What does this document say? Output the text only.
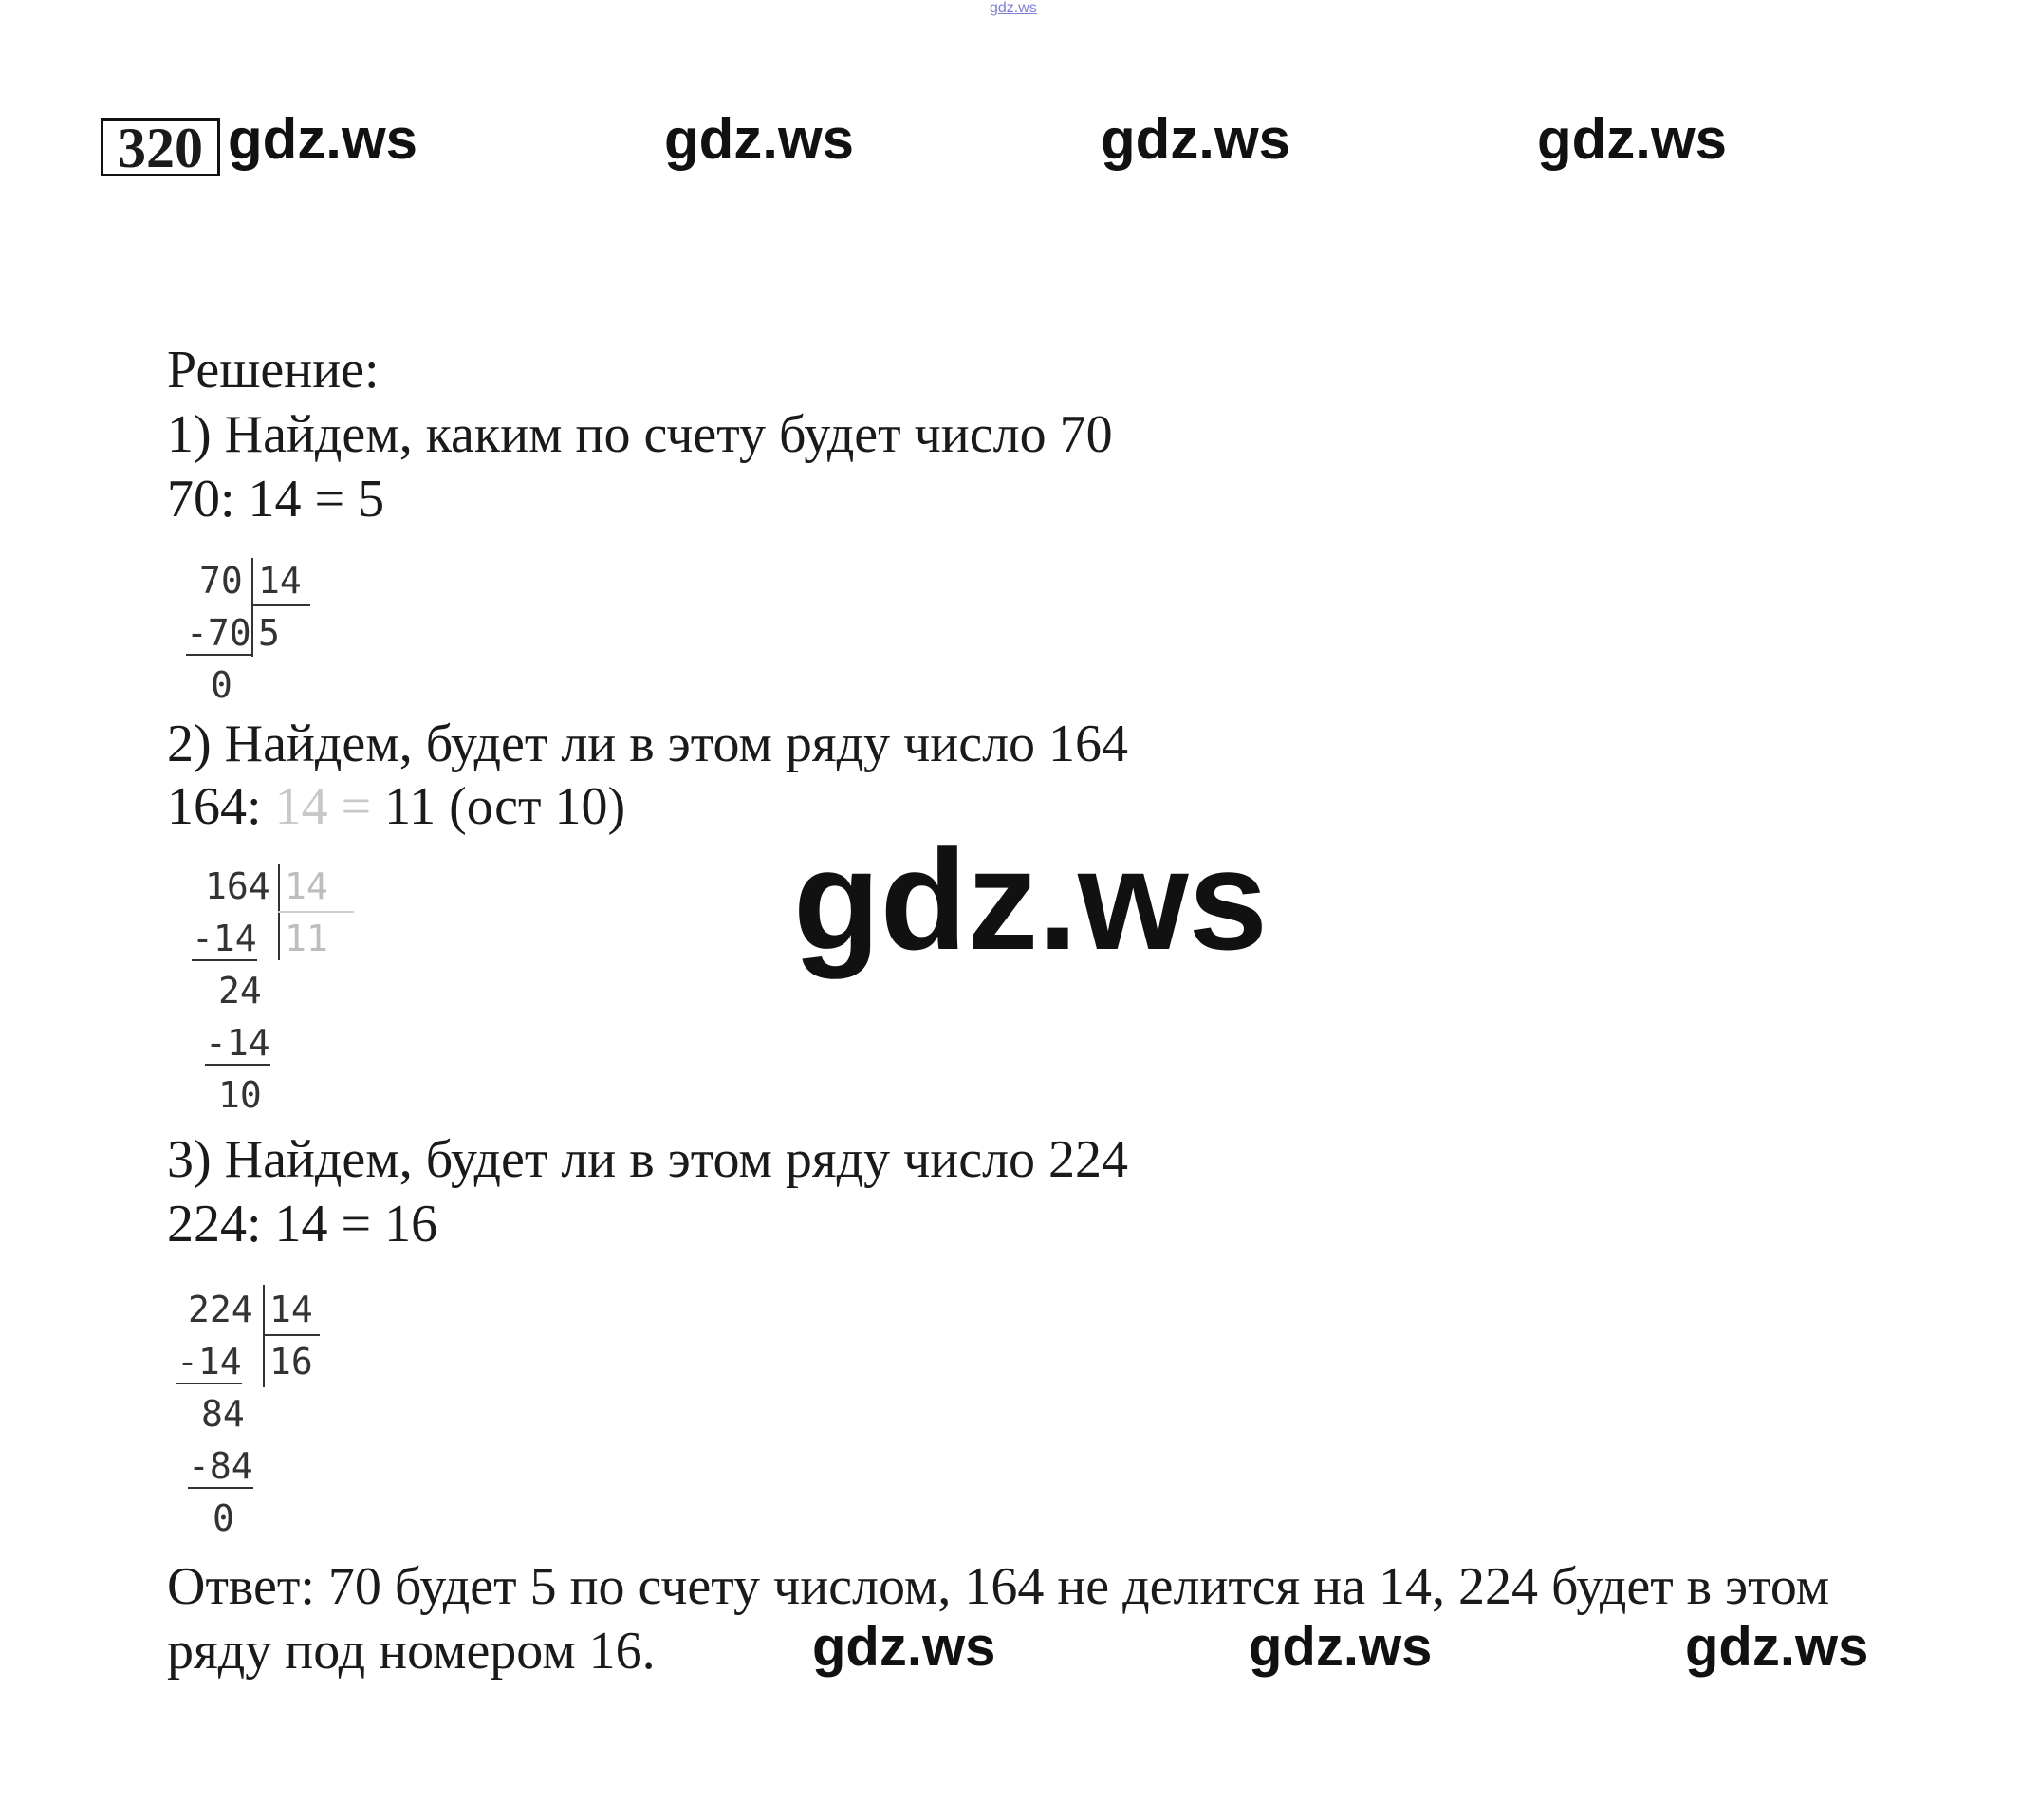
gdz.ws
320 gdz.ws	gdz.ws	gdz.ws	gdz.ws
Решение:
1) Найдем, каким по счету будет число 70
70: 14 = 5
70 14
-70 5
0
2) Найдем, будет ли в этом ряду число 164
164: 14 = 11 (ост 10)
164 14
-14 11
24
-14
10
gdz.ws
3) Найдем, будет ли в этом ряду число 224
224: 14 = 16
224 14
-14 16
84
-84
0
Ответ: 70 будет 5 по счету числом, 164 не делится на 14, 224 будет в этом
ряду под номером 16.	gdz.ws	gdz.ws	gdz.ws
